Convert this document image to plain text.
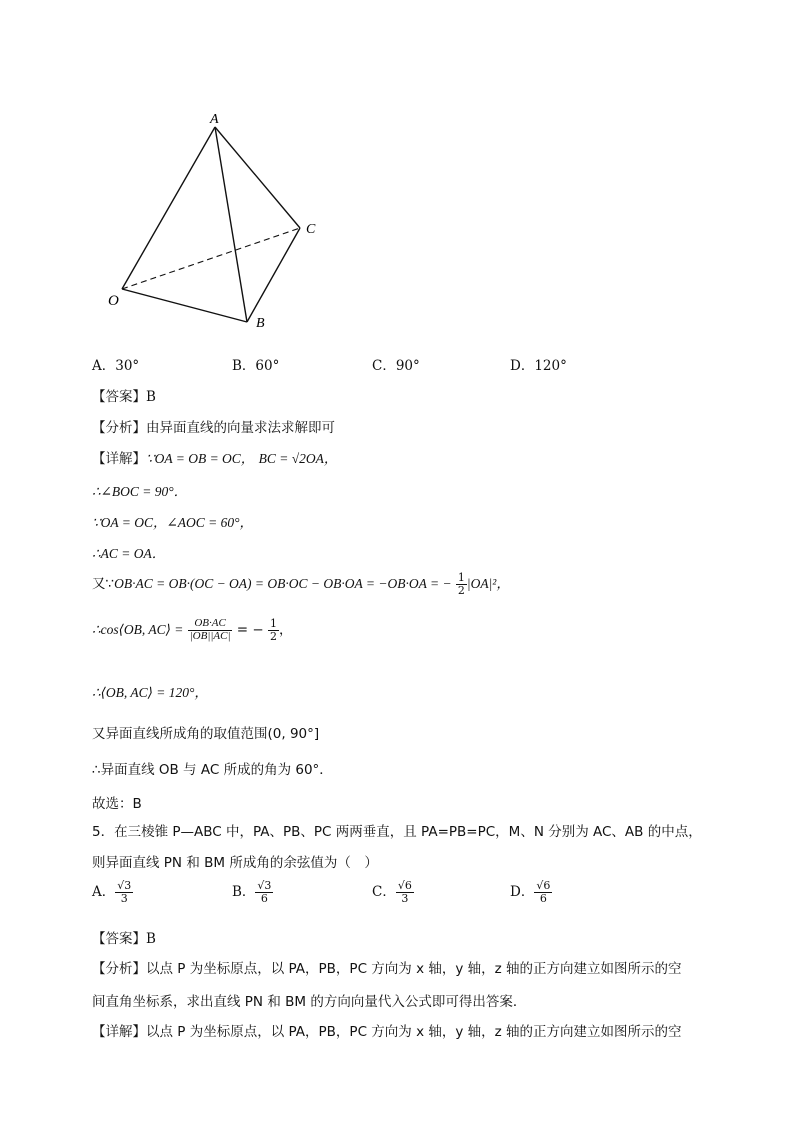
A
C
O
B
A．30°	B．60°	C．90°	D．120°
【答案】B
【分析】由异面直线的向量求法求解即可
【详解】∵OA = OB = OC， BC = √2OA，
∴∠BOC = 90°．
∵OA = OC，∠AOC = 60°，
∴AC = OA．
又∵OB·AC = OB·(OC − OA) = OB·OC − OB·OA = −OB·OA = − $\frac{1}{2} |OA|^2$，
∴cos⟨OB, AC⟩ = $\frac{OB\cdot AC}{|OB||AC|}$ = − $\frac{1}{2}$ ，
∴⟨OB, AC⟩ = 120°，
又异面直线所成角的取值范围(0, 90°]
∴异面直线 OB 与 AC 所成的角为 60°．
故选：B
5．在三棱锥 P—ABC 中，PA、PB、PC 两两垂直，且 PA=PB=PC，M、N 分别为 AC、AB 的中点，
则异面直线 PN 和 BM 所成角的余弦值为（　）
A． $\frac{√3}{3}$	B． $\frac{√3}{6}$	C． $\frac{√6}{3}$	D． $\frac{√6}{6}$
【答案】B
【分析】以点 P 为坐标原点，以 PA，PB，PC 方向为 x 轴，y 轴，z 轴的正方向建立如图所示的空
间直角坐标系，求出直线 PN 和 BM 的方向向量代入公式即可得出答案．
【详解】以点 P 为坐标原点，以 PA，PB，PC 方向为 x 轴，y 轴，z 轴的正方向建立如图所示的空
